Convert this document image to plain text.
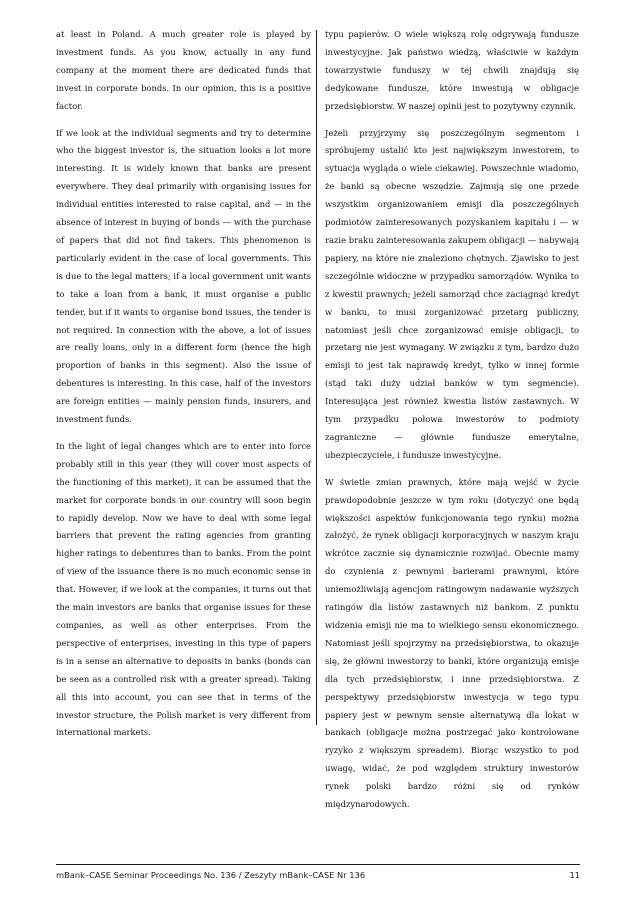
at least in Poland. A much greater role is played by investment funds. As you know, actually in any fund company at the moment there are dedicated funds that invest in corporate bonds. In our opinion, this is a positive factor.

If we look at the individual segments and try to determine who the biggest investor is, the situation looks a lot more interesting. It is widely known that banks are present everywhere. They deal primarily with organising issues for individual entities interested to raise capital, and — in the absence of interest in buying of bonds — with the purchase of papers that did not find takers. This phenomenon is particularly evident in the case of local governments. This is due to the legal matters; if a local government unit wants to take a loan from a bank, it must organise a public tender, but if it wants to organise bond issues, the tender is not required. In connection with the above, a lot of issues are really loans, only in a different form (hence the high proportion of banks in this segment). Also the issue of debentures is interesting. In this case, half of the investors are foreign entities — mainly pension funds, insurers, and investment funds.

In the light of legal changes which are to enter into force probably still in this year (they will cover most aspects of the functioning of this market), it can be assumed that the market for corporate bonds in our country will soon begin to rapidly develop. Now we have to deal with some legal barriers that prevent the rating agencies from granting higher ratings to debentures than to banks. From the point of view of the issuance there is no much economic sense in that. However, if we look at the companies, it turns out that the main investors are banks that organise issues for these companies, as well as other enterprises. From the perspective of enterprises, investing in this type of papers is in a sense an alternative to deposits in banks (bonds can be seen as a controlled risk with a greater spread). Taking all this into account, you can see that in terms of the investor structure, the Polish market is very different from international markets.

typu papierów. O wiele większą rolę odgrywają fundusze inwestycyjne. Jak państwo wiedzą, właściwie w każdym towarzystwie funduszy w tej chwili znajdują się dedykowane fundusze, które inwestują w obligacje przedsiębiorstw. W naszej opinii jest to pozytywny czynnik.

Jeżeli przyjrzymy się poszczególnym segmentom i spróbujemy ustalić kto jest największym inwestorem, to sytuacja wygląda o wiele ciekawiej. Powszechnie wiadomo, że banki są obecne wszędzie. Zajmują się one przede wszystkim organizowaniem emisji dla poszczególnych podmiotów zainteresowanych pozyskaniem kapitału i — w razie braku zainteresowania zakupem obligacji — nabywają papiery, na które nie znaleziono chętnych. Zjawisko to jest szczególnie widoczne w przypadku samorządów. Wynika to z kwestii prawnych; jeżeli samorząd chce zaciągnąć kredyt w banku, to musi zorganizować przetarg publiczny, natomiast jeśli chce zorganizować emisje obligacji, to przetarg nie jest wymagany. W związku z tym, bardzo dużo emisji to jest tak naprawdę kredyt, tylko w innej formie (stąd taki duży udział banków w tym segmencie). Interesująca jest również kwestia listów zastawnych. W tym przypadku połowa inwestorów to podmioty zagraniczne — głównie fundusze emerytalne, ubezpieczyciele, i fundusze inwestycyjne.

W świetle zmian prawnych, które mają wejść w życie prawdopodobnie jeszcze w tym roku (dotyczyć one będą większości aspektów funkcjonowania tego rynku) można założyć, że rynek obligacji korporacyjnych w naszym kraju wkrótce zacznie się dynamicznie rozwijać. Obecnie mamy do czynienia z pewnymi barierami prawnymi, które uniemożliwiają agencjom ratingowym nadawanie wyższych ratingów dla listów zastawnych niż bankom. Z punktu widzenia emisji nie ma to wielkiego sensu ekonomicznego. Natomiast jeśli spojrzymy na przedsiębiorstwa, to okazuje się, że główni inwestorzy to banki, które organizują emisje dla tych przedsiębiorstw, i inne przedsiębiorstwa. Z perspektywy przedsiębiorstw inwestycja w tego typu papiery jest w pewnym sensie alternatywą dla lokat w bankach (obligacje można postrzegać jako kontrolowane ryzyko z większym spreadem). Biorąc wszystko to pod uwagę, widać, że pod względem struktury inwestorów rynek polski bardzo różni się od rynków międzynarodowych.

mBank–CASE Seminar Proceedings No. 136 / Zeszyty mBank–CASE Nr 136	11
